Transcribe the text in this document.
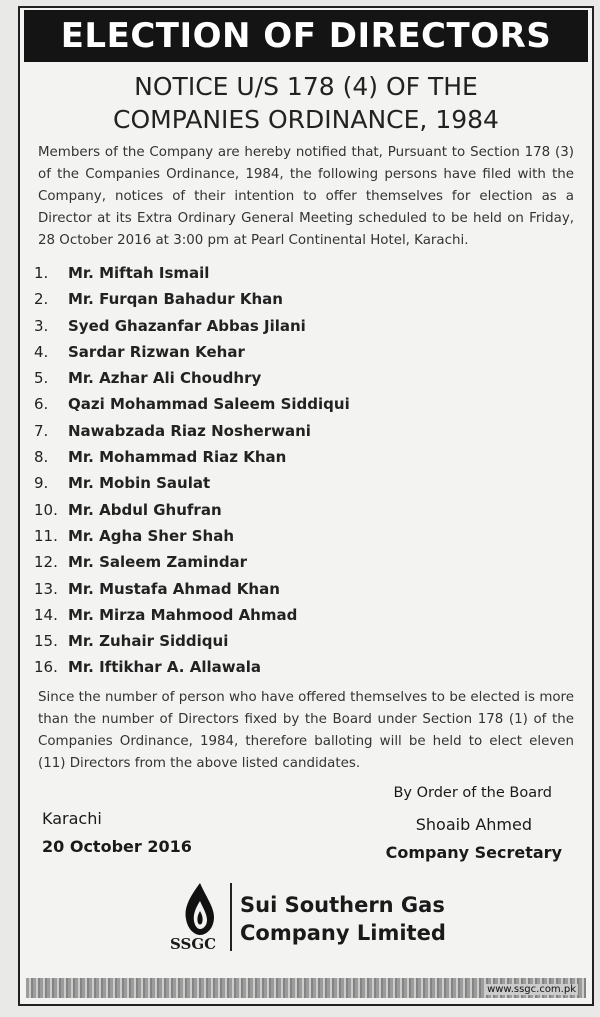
ELECTION OF DIRECTORS
NOTICE U/S 178 (4) OF THE
COMPANIES ORDINANCE, 1984

Members of the Company are hereby notified that, Pursuant to Section 178 (3) of the Companies Ordinance, 1984, the following persons have filed with the Company, notices of their intention to offer themselves for election as a Director at its Extra Ordinary General Meeting scheduled to be held on Friday, 28 October 2016 at 3:00 pm at Pearl Continental Hotel, Karachi.

1.	Mr. Miftah Ismail
2.	Mr. Furqan Bahadur Khan
3.	Syed Ghazanfar Abbas Jilani
4.	Sardar Rizwan Kehar
5.	Mr. Azhar Ali Choudhry
6.	Qazi Mohammad Saleem Siddiqui
7.	Nawabzada Riaz Nosherwani
8.	Mr. Mohammad Riaz Khan
9.	Mr. Mobin Saulat
10. Mr. Abdul Ghufran
11. Mr. Agha Sher Shah
12. Mr. Saleem Zamindar
13. Mr. Mustafa Ahmad Khan
14. Mr. Mirza Mahmood Ahmad
15. Mr. Zuhair Siddiqui
16. Mr. Iftikhar A. Allawala

Since the number of person who have offered themselves to be elected is more than the number of Directors fixed by the Board under Section 178 (1) of the Companies Ordinance, 1984, therefore balloting will be held to elect eleven (11) Directors from the above listed candidates.

By Order of the Board
Shoaib Ahmed
Company Secretary
Karachi
20 October 2016
SSGC
Sui Southern Gas
Company Limited
www.ssgc.com.pk
